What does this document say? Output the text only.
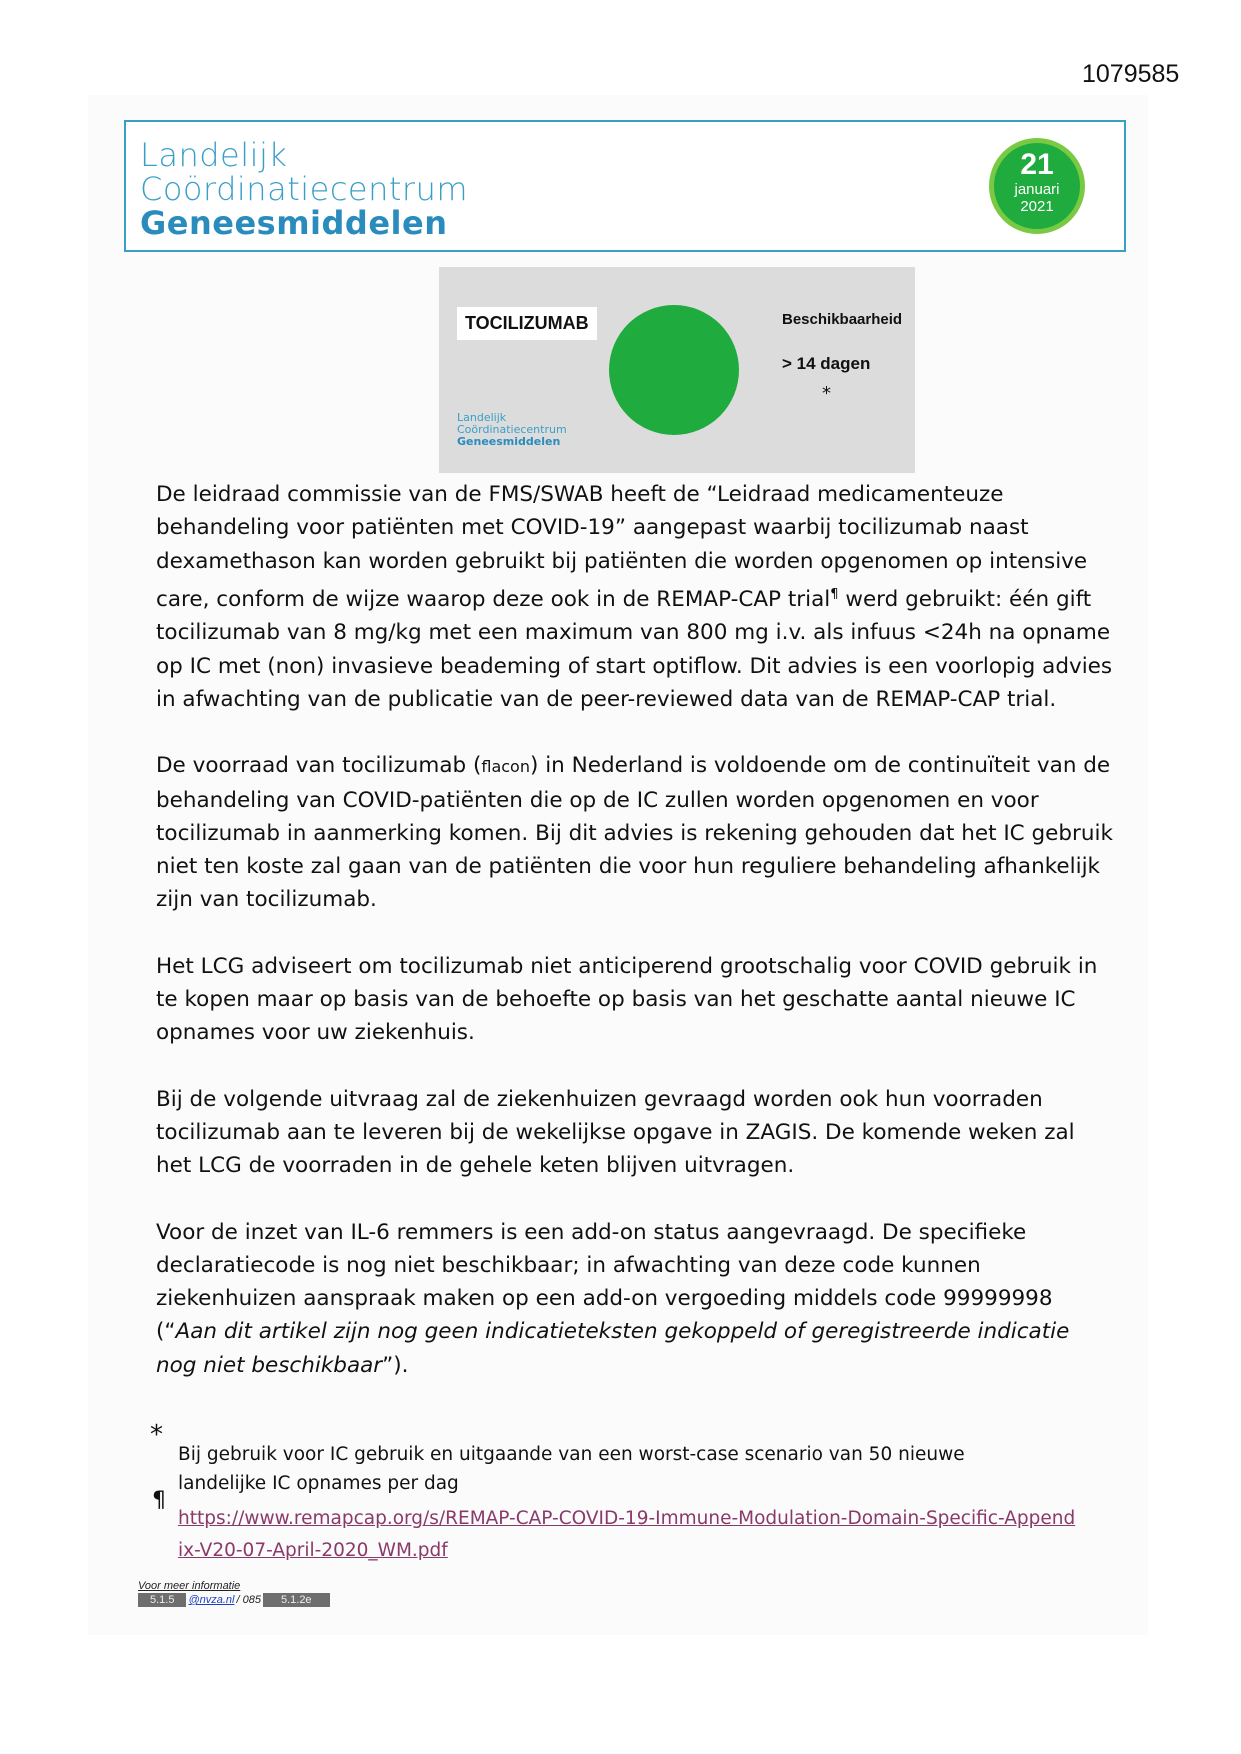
1079585
Landelijk
Coördinatiecentrum
Geneesmiddelen
21
januari
2021
TOCILIZUMAB	Beschikbaarheid
> 14 dagen
*
Landelijk
Coördinatiecentrum
Geneesmiddelen

De leidraad commissie van de FMS/SWAB heeft de “Leidraad medicamenteuze behandeling voor patiënten met COVID-19” aangepast waarbij tocilizumab naast dexamethason kan worden gebruikt bij patiënten die worden opgenomen op intensive care, conform de wijze waarop deze ook in de REMAP-CAP trial¶ werd gebruikt: één gift tocilizumab van 8 mg/kg met een maximum van 800 mg i.v. als infuus <24h na opname op IC met (non) invasieve beademing of start optiflow. Dit advies is een voorlopig advies in afwachting van de publicatie van de peer-reviewed data van de REMAP-CAP trial.

De voorraad van tocilizumab (flacon) in Nederland is voldoende om de continuïteit van de behandeling van COVID-patiënten die op de IC zullen worden opgenomen en voor tocilizumab in aanmerking komen. Bij dit advies is rekening gehouden dat het IC gebruik niet ten koste zal gaan van de patiënten die voor hun reguliere behandeling afhankelijk zijn van tocilizumab.

Het LCG adviseert om tocilizumab niet anticiperend grootschalig voor COVID gebruik in te kopen maar op basis van de behoefte op basis van het geschatte aantal nieuwe IC opnames voor uw ziekenhuis.

Bij de volgende uitvraag zal de ziekenhuizen gevraagd worden ook hun voorraden tocilizumab aan te leveren bij de wekelijkse opgave in ZAGIS. De komende weken zal het LCG de voorraden in de gehele keten blijven uitvragen.

Voor de inzet van IL-6 remmers is een add-on status aangevraagd. De specifieke declaratiecode is nog niet beschikbaar; in afwachting van deze code kunnen ziekenhuizen aanspraak maken op een add-on vergoeding middels code 99999998 (“Aan dit artikel zijn nog geen indicatieteksten gekoppeld of geregistreerde indicatie nog niet beschikbaar”).

*
Bij gebruik voor IC gebruik en uitgaande van een worst-case scenario van 50 nieuwe landelijke IC opnames per dag
¶
https://www.remapcap.org/s/REMAP-CAP-COVID-19-Immune-Modulation-Domain-Specific-Appendix-V20-07-April-2020_WM.pdf
Voor meer informatie
5.1.5	@nvza.nl / 085	5.1.2e
